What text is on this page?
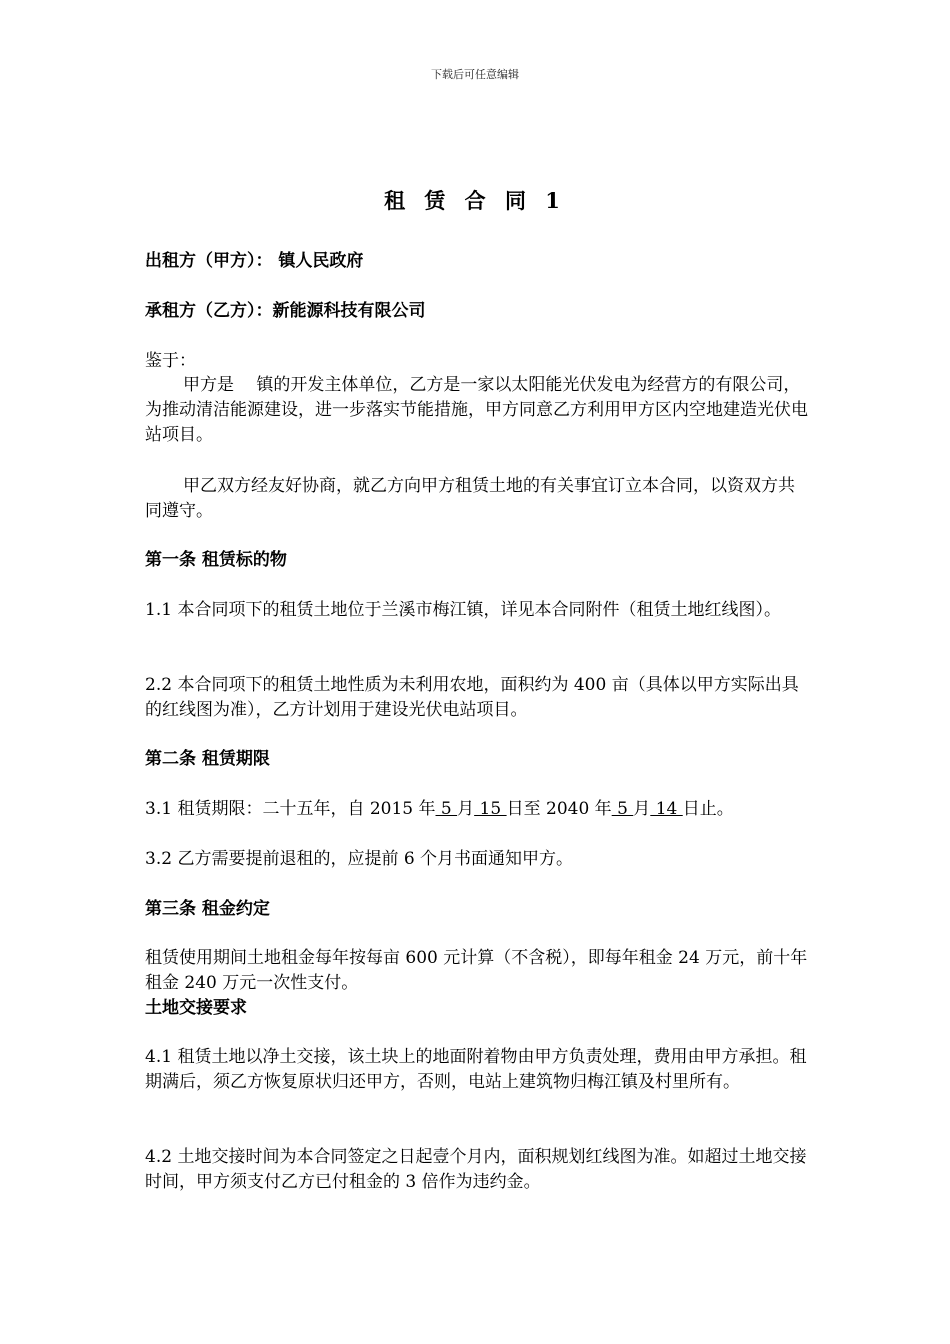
下载后可任意编辑
租 赁 合 同 1
出租方（甲方）： 镇人民政府
承租方（乙方）：新能源科技有限公司
鉴于：
甲方是　 镇的开发主体单位，乙方是一家以太阳能光伏发电为经营方的有限公司，为推动清洁能源建设，进一步落实节能措施，甲方同意乙方利用甲方区内空地建造光伏电站项目。
甲乙双方经友好协商，就乙方向甲方租赁土地的有关事宜订立本合同，以资双方共同遵守。
第一条 租赁标的物
1.1 本合同项下的租赁土地位于兰溪市梅江镇，详见本合同附件（租赁土地红线图）。
2.2 本合同项下的租赁土地性质为未利用农地，面积约为 400 亩（具体以甲方实际出具的红线图为准），乙方计划用于建设光伏电站项目。
第二条 租赁期限
3.1 租赁期限：二十五年，自 2015 年 5 月 15 日至 2040 年 5 月 14 日止。
3.2 乙方需要提前退租的，应提前 6 个月书面通知甲方。
第三条 租金约定
租赁使用期间土地租金每年按每亩 600 元计算（不含税），即每年租金 24 万元，前十年租金 240 万元一次性支付。
土地交接要求
4.1 租赁土地以净土交接，该土块上的地面附着物由甲方负责处理，费用由甲方承担。租期满后，须乙方恢复原状归还甲方，否则，电站上建筑物归梅江镇及村里所有。
4.2 土地交接时间为本合同签定之日起壹个月内，面积规划红线图为准。如超过土地交接时间，甲方须支付乙方已付租金的 3 倍作为违约金。
